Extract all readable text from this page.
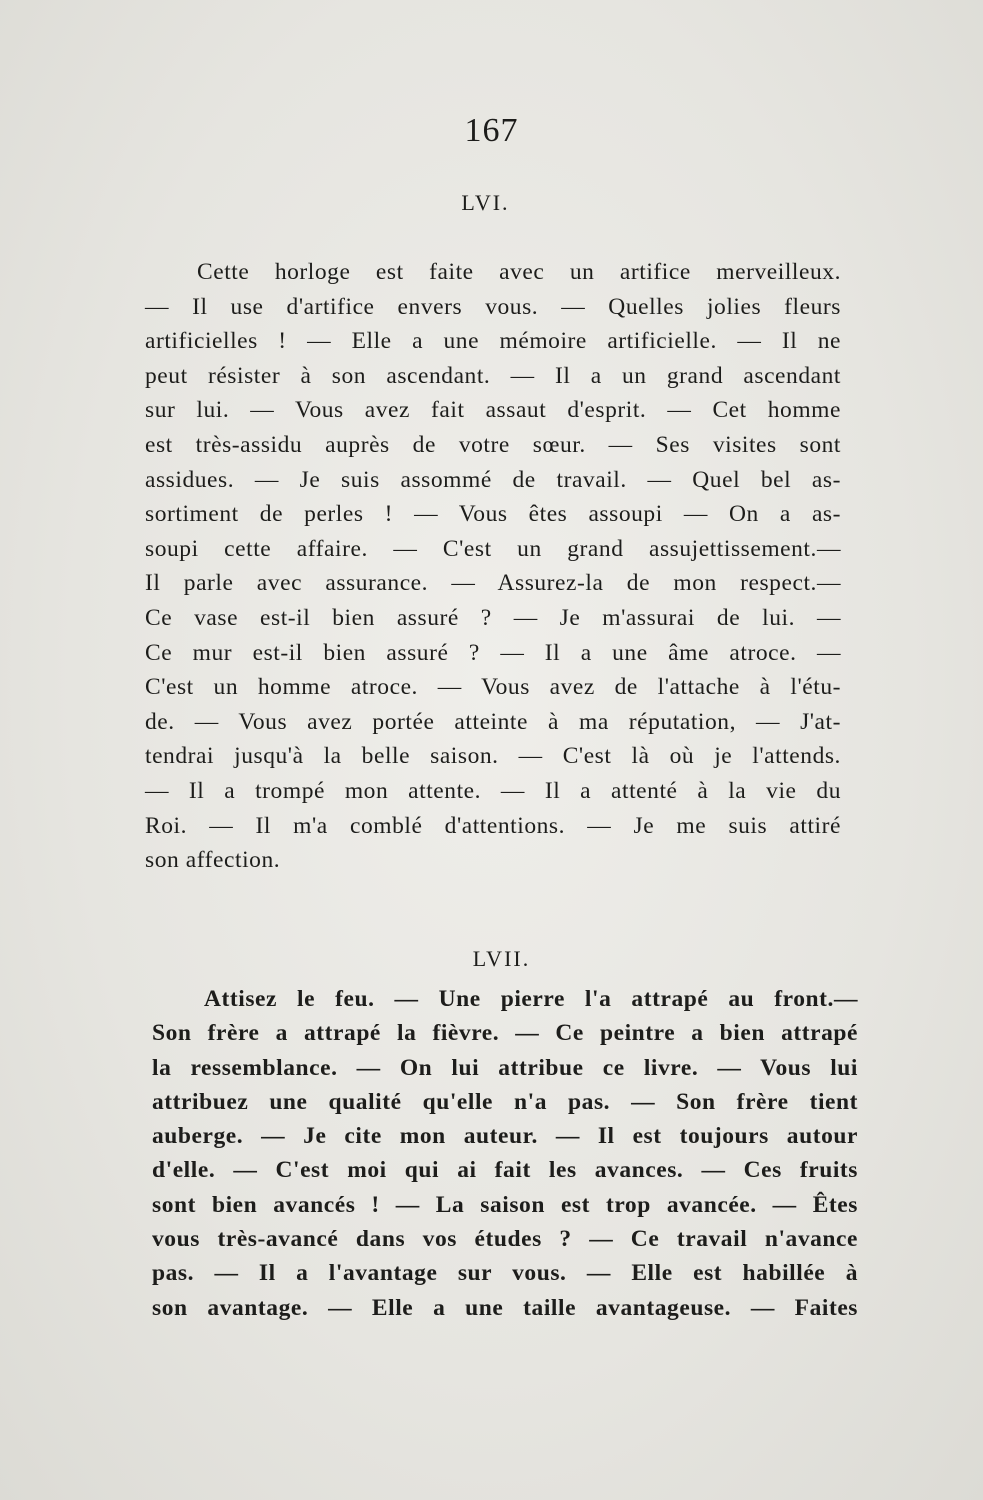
167
LVI.
Cette horloge est faite avec un artifice merveilleux.
— Il use d'artifice envers vous. — Quelles jolies fleurs
artificielles ! — Elle a une mémoire artificielle. — Il ne
peut résister à son ascendant. — Il a un grand ascendant
sur lui. — Vous avez fait assaut d'esprit. — Cet homme
est très-assidu auprès de votre sœur. — Ses visites sont
assidues. — Je suis assommé de travail. — Quel bel as-
sortiment de perles ! — Vous êtes assoupi — On a as-
soupi cette affaire. — C'est un grand assujettissement.—
Il parle avec assurance. — Assurez-la de mon respect.—
Ce vase est-il bien assuré ? — Je m'assurai de lui. —
Ce mur est-il bien assuré ? — Il a une âme atroce. —
C'est un homme atroce. — Vous avez de l'attache à l'étu-
de. — Vous avez portée atteinte à ma réputation, — J'at-
tendrai jusqu'à la belle saison. — C'est là où je l'attends.
— Il a trompé mon attente. — Il a attenté à la vie du
Roi. — Il m'a comblé d'attentions. — Je me suis attiré
son affection.
LVII.
Attisez le feu. — Une pierre l'a attrapé au front.—
Son frère a attrapé la fièvre. — Ce peintre a bien attrapé
la ressemblance. — On lui attribue ce livre. — Vous lui
attribuez une qualité qu'elle n'a pas. — Son frère tient
auberge. — Je cite mon auteur. — Il est toujours autour
d'elle. — C'est moi qui ai fait les avances. — Ces fruits
sont bien avancés ! — La saison est trop avancée. — Êtes
vous très-avancé dans vos études ? — Ce travail n'avance
pas. — Il a l'avantage sur vous. — Elle est habillée à
son avantage. — Elle a une taille avantageuse. — Faites
